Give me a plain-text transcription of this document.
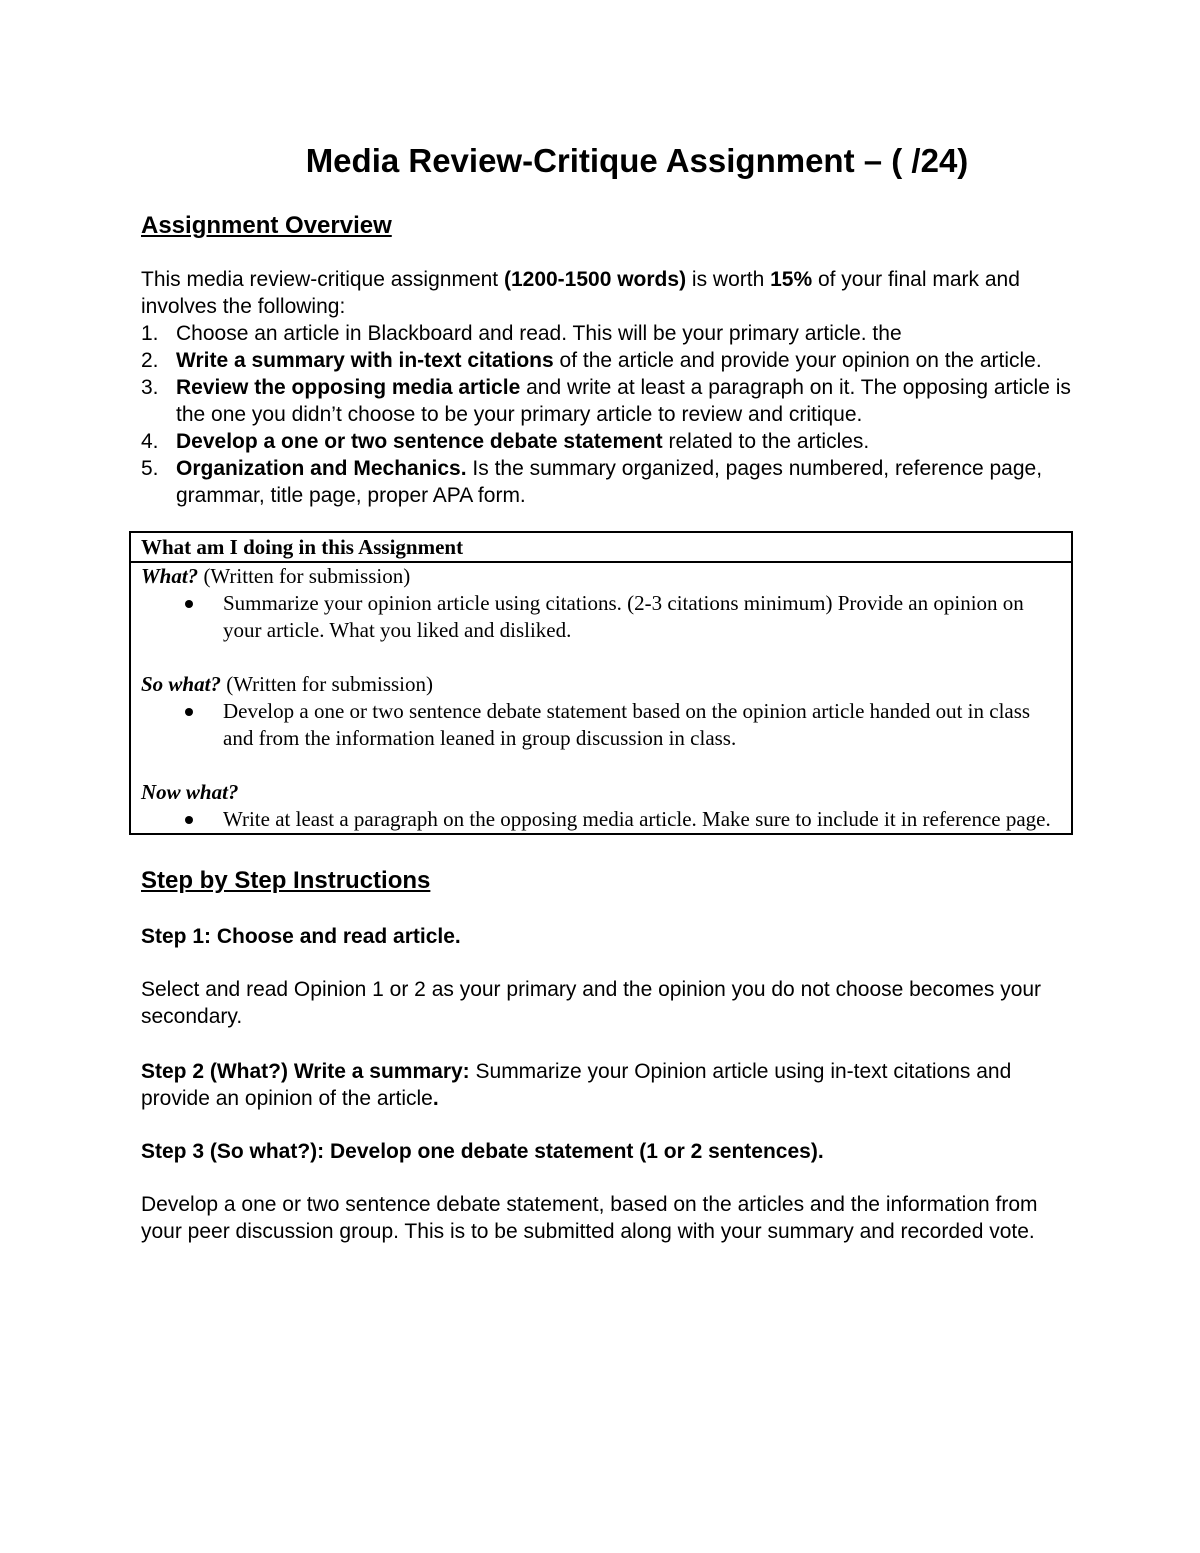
Media Review-Critique Assignment – ( /24)
Assignment Overview

This media review-critique assignment (1200-1500 words) is worth 15% of your final mark and involves the following:

1. Choose an article in Blackboard and read. This will be your primary article. the
2. Write a summary with in-text citations of the article and provide your opinion on the article.
3. Review the opposing media article and write at least a paragraph on it. The opposing article is the one you didn’t choose to be your primary article to review and critique.
4. Develop a one or two sentence debate statement related to the articles.
5. Organization and Mechanics. Is the summary organized, pages numbered, reference page, grammar, title page, proper APA form.
What am I doing in this Assignment
What? (Written for submission)
Summarize your opinion article using citations. (2-3 citations minimum) Provide an opinion on your article. What you liked and disliked.
So what? (Written for submission)
Develop a one or two sentence debate statement based on the opinion article handed out in class and from the information leaned in group discussion in class.
Now what?
Write at least a paragraph on the opposing media article. Make sure to include it in reference page.
Step by Step Instructions

Step 1: Choose and read article.

Select and read Opinion 1 or 2 as your primary and the opinion you do not choose becomes your secondary.

Step 2 (What?) Write a summary: Summarize your Opinion article using in-text citations and provide an opinion of the article.

Step 3 (So what?): Develop one debate statement (1 or 2 sentences).

Develop a one or two sentence debate statement, based on the articles and the information from your peer discussion group. This is to be submitted along with your summary and recorded vote.
